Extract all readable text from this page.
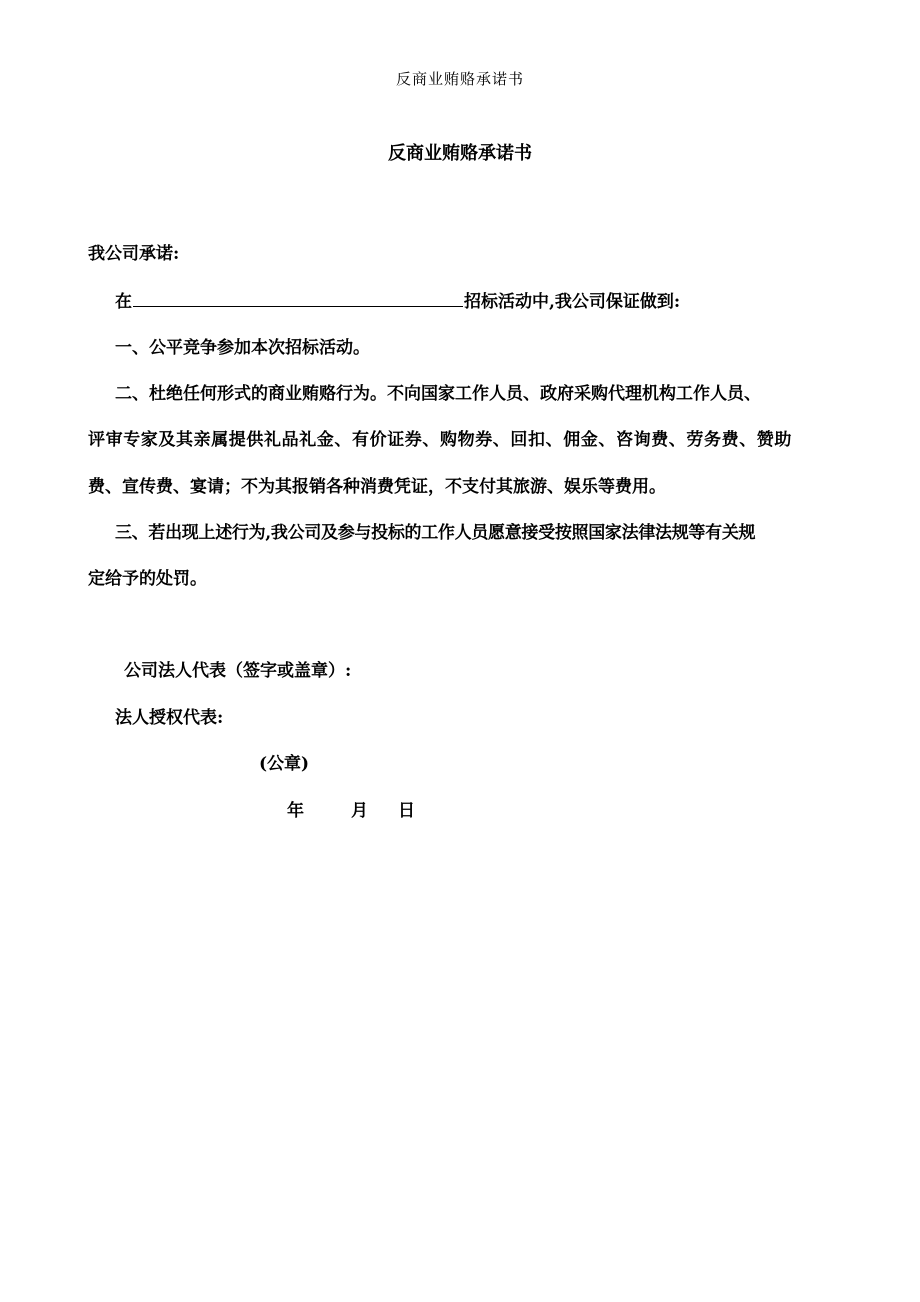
反商业贿赂承诺书
反商业贿赂承诺书
我公司承诺:
在	招标活动中,我公司保证做到:
一、公平竞争参加本次招标活动。
二、杜绝任何形式的商业贿赂行为。不向国家工作人员、政府采购代理机构工作人员、
评审专家及其亲属提供礼品礼金、有价证券、购物券、回扣、佣金、咨询费、劳务费、赞助
费、宣传费、宴请；不为其报销各种消费凭证，不支付其旅游、娱乐等费用。
三、若出现上述行为,我公司及参与投标的工作人员愿意接受按照国家法律法规等有关规
定给予的处罚。
公司法人代表（签字或盖章）:
法人授权代表:
(公章)
年	月 日
